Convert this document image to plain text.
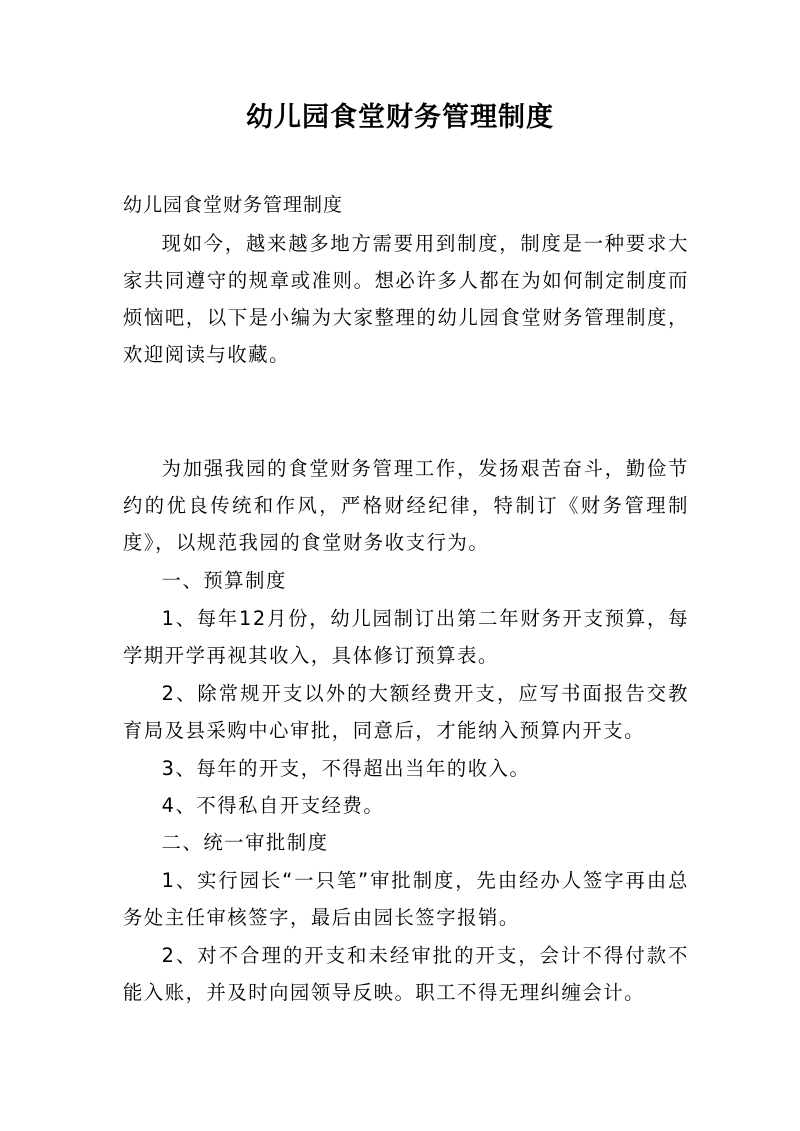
幼儿园食堂财务管理制度
幼儿园食堂财务管理制度

现如今，越来越多地方需要用到制度，制度是一种要求大家共同遵守的规章或准则。想必许多人都在为如何制定制度而烦恼吧，以下是小编为大家整理的幼儿园食堂财务管理制度，欢迎阅读与收藏。

为加强我园的食堂财务管理工作，发扬艰苦奋斗，勤俭节约的优良传统和作风，严格财经纪律，特制订《财务管理制度》，以规范我园的食堂财务收支行为。

一、预算制度

1、每年12月份，幼儿园制订出第二年财务开支预算，每学期开学再视其收入，具体修订预算表。

2、除常规开支以外的大额经费开支，应写书面报告交教育局及县采购中心审批，同意后，才能纳入预算内开支。

3、每年的开支，不得超出当年的收入。

4、不得私自开支经费。

二、统一审批制度

1、实行园长“一只笔”审批制度，先由经办人签字再由总务处主任审核签字，最后由园长签字报销。

2、对不合理的开支和未经审批的开支，会计不得付款不能入账，并及时向园领导反映。职工不得无理纠缠会计。
